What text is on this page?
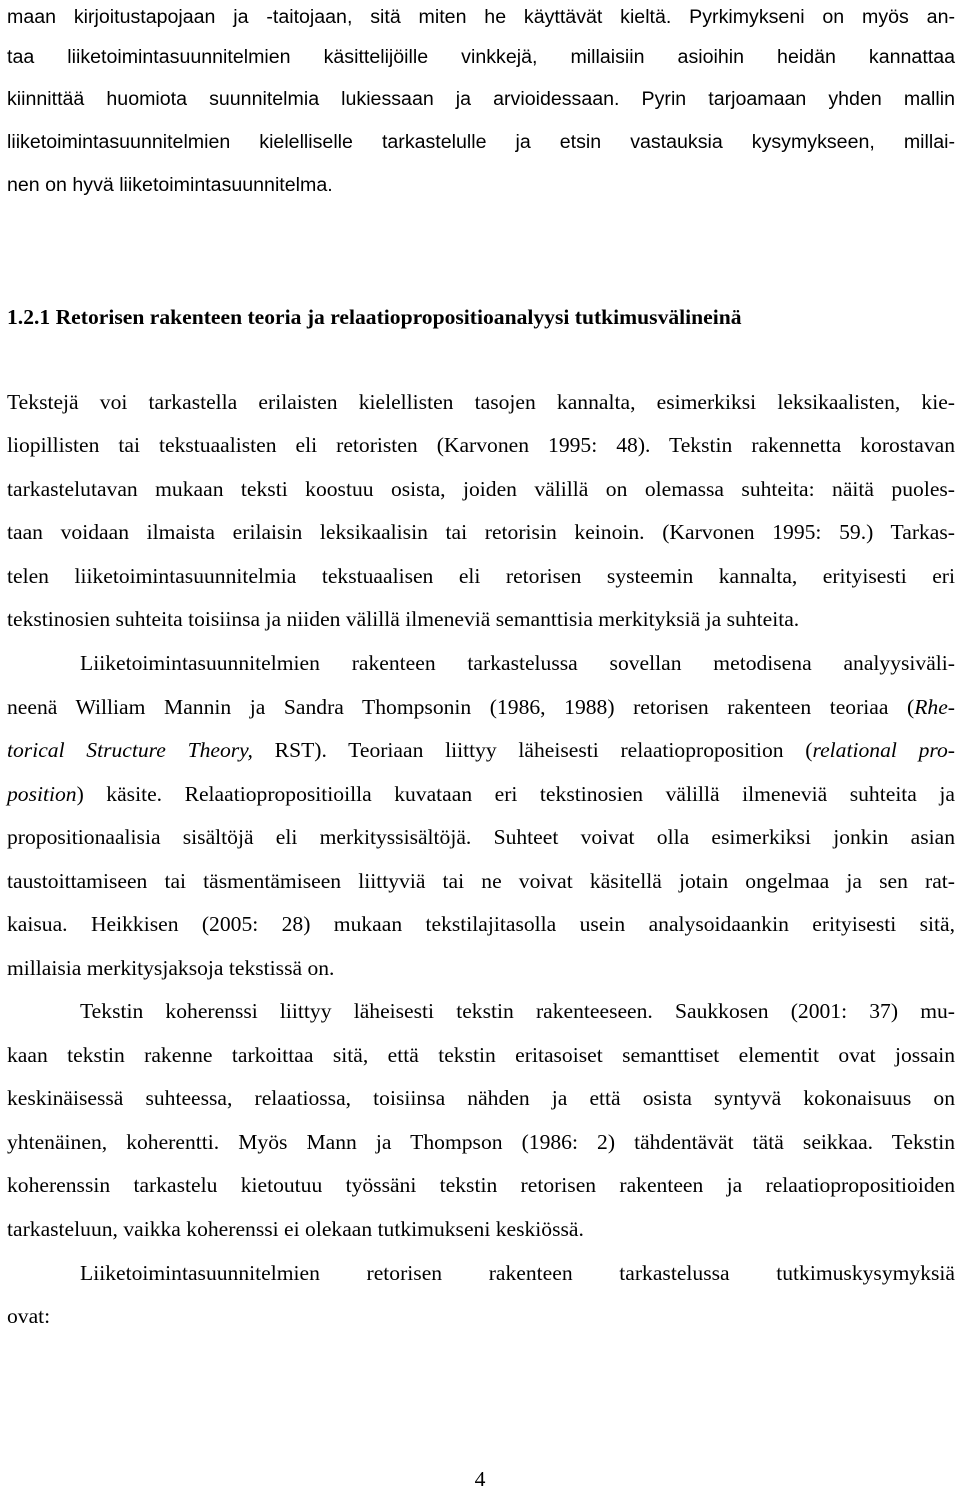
maan kirjoitustapojaan ja -taitojaan, sitä miten he käyttävät kieltä. Pyrkimykseni on myös an-
taa liiketoimintasuunnitelmien käsittelijöille vinkkejä, millaisiin asioihin heidän kannattaa
kiinnittää huomiota suunnitelmia lukiessaan ja arvioidessaan. Pyrin tarjoamaan yhden mallin
liiketoimintasuunnitelmien kielelliselle tarkastelulle ja etsin vastauksia kysymykseen, millai-
nen on hyvä liiketoimintasuunnitelma.
1.2.1 Retorisen rakenteen teoria ja relaatiopropositioanalyysi tutkimusvälineinä
Tekstejä voi tarkastella erilaisten kielellisten tasojen kannalta, esimerkiksi leksikaalisten, kie-
liopillisten tai tekstuaalisten eli retoristen (Karvonen 1995: 48). Tekstin rakennetta korostavan
tarkastelutavan mukaan teksti koostuu osista, joiden välillä on olemassa suhteita: näitä puoles-
taan voidaan ilmaista erilaisin leksikaalisin tai retorisin keinoin. (Karvonen 1995: 59.) Tarkas-
telen liiketoimintasuunnitelmia tekstuaalisen eli retorisen systeemin kannalta, erityisesti eri
tekstinosien suhteita toisiinsa ja niiden välillä ilmeneviä semanttisia merkityksiä ja suhteita.
Liiketoimintasuunnitelmien rakenteen tarkastelussa sovellan metodisena analyysiväli-
neenä William Mannin ja Sandra Thompsonin (1986, 1988) retorisen rakenteen teoriaa (Rhe-
torical Structure Theory, RST). Teoriaan liittyy läheisesti relaatioproposition (relational pro-
position) käsite. Relaatiopropositioilla kuvataan eri tekstinosien välillä ilmeneviä suhteita ja
propositionaalisia sisältöjä eli merkityssisältöjä. Suhteet voivat olla esimerkiksi jonkin asian
taustoittamiseen tai täsmentämiseen liittyviä tai ne voivat käsitellä jotain ongelmaa ja sen rat-
kaisua. Heikkisen (2005: 28) mukaan tekstilajitasolla usein analysoidaankin erityisesti sitä,
millaisia merkitysjaksoja tekstissä on.
Tekstin koherenssi liittyy läheisesti tekstin rakenteeseen. Saukkosen (2001: 37) mu-
kaan tekstin rakenne tarkoittaa sitä, että tekstin eritasoiset semanttiset elementit ovat jossain
keskinäisessä suhteessa, relaatiossa, toisiinsa nähden ja että osista syntyvä kokonaisuus on
yhtenäinen, koherentti. Myös Mann ja Thompson (1986: 2) tähdentävät tätä seikkaa. Tekstin
koherenssin tarkastelu kietoutuu työssäni tekstin retorisen rakenteen ja relaatiopropositioiden
tarkasteluun, vaikka koherenssi ei olekaan tutkimukseni keskiössä.
Liiketoimintasuunnitelmien retorisen rakenteen tarkastelussa tutkimuskysymyksiä
ovat:
4
